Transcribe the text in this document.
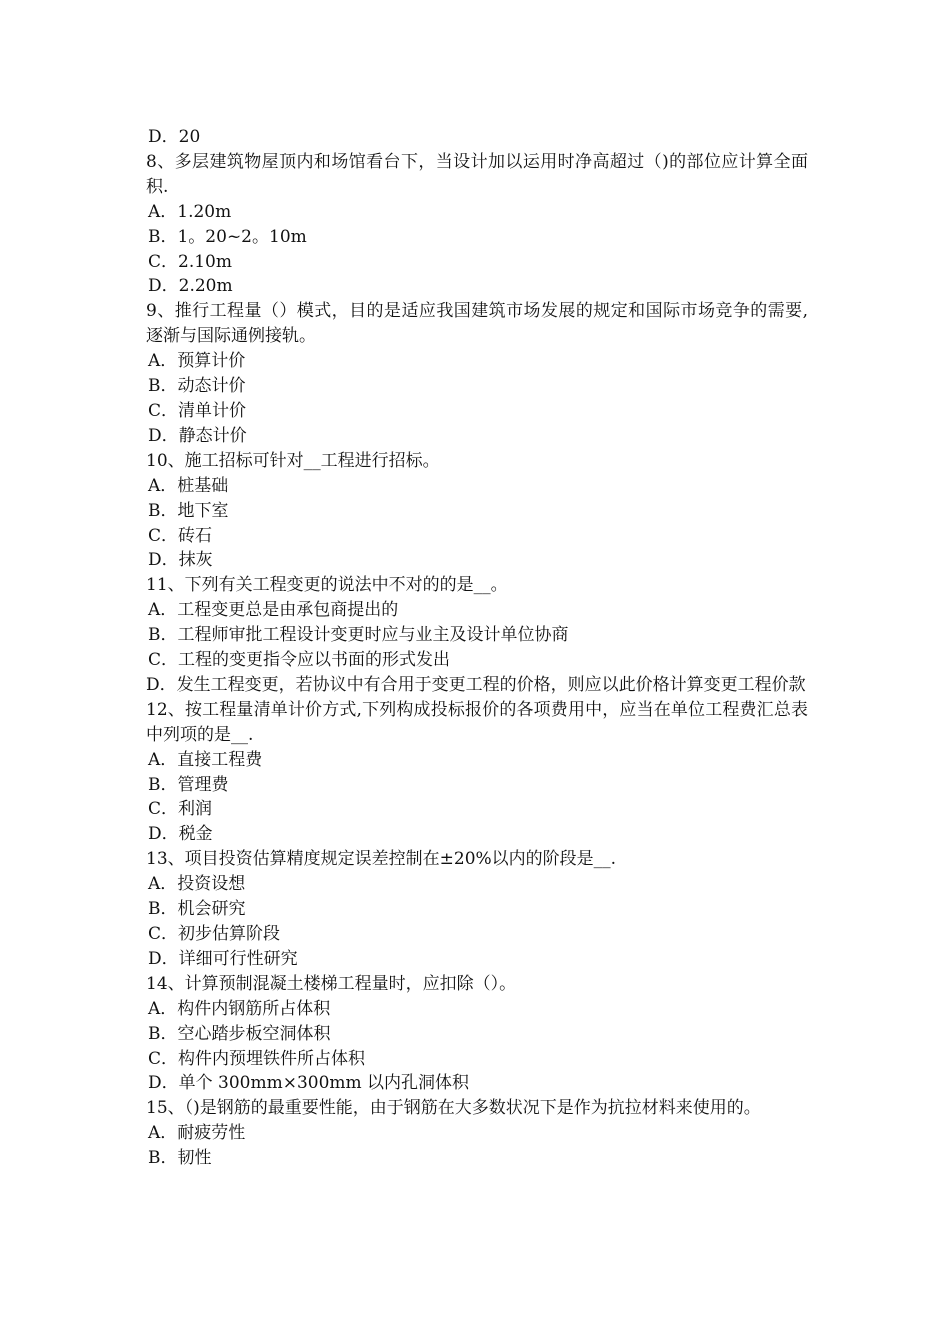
D．20
8、多层建筑物屋顶内和场馆看台下，当设计加以运用时净高超过（)的部位应计算全面积.
A．1.20m
B．1。20~2。10m
C．2.10m
D．2.20m
9、推行工程量（）模式，目的是适应我国建筑市场发展的规定和国际市场竞争的需要,逐渐与国际通例接轨。
A．预算计价
B．动态计价
C．清单计价
D．静态计价
10、施工招标可针对__工程进行招标。
A．桩基础
B．地下室
C．砖石
D．抹灰
11、下列有关工程变更的说法中不对的的是__。
A．工程变更总是由承包商提出的
B．工程师审批工程设计变更时应与业主及设计单位协商
C．工程的变更指令应以书面的形式发出
D．发生工程变更，若协议中有合用于变更工程的价格，则应以此价格计算变更工程价款
12、按工程量清单计价方式,下列构成投标报价的各项费用中，应当在单位工程费汇总表中列项的是__.
A．直接工程费
B．管理费
C．利润
D．税金
13、项目投资估算精度规定误差控制在±20%以内的阶段是__.
A．投资设想
B．机会研究
C．初步估算阶段
D．详细可行性研究
14、计算预制混凝土楼梯工程量时，应扣除（）。
A．构件内钢筋所占体积
B．空心踏步板空洞体积
C．构件内预埋铁件所占体积
D．单个 300mm×300mm 以内孔洞体积
15、（)是钢筋的最重要性能，由于钢筋在大多数状况下是作为抗拉材料来使用的。
A．耐疲劳性
B．韧性
